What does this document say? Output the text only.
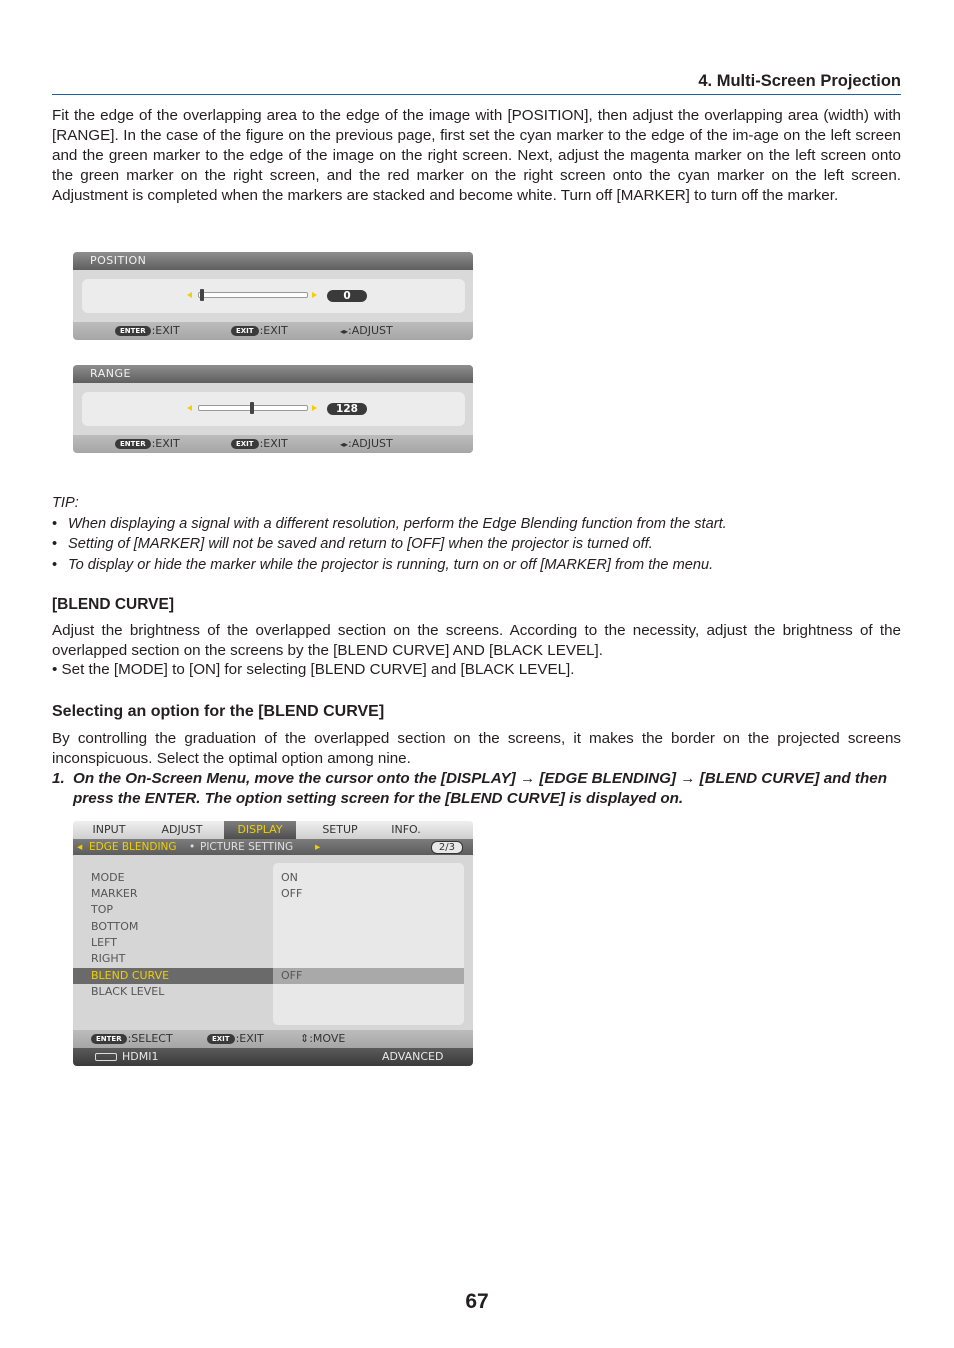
4. Multi-Screen Projection
Fit the edge of the overlapping area to the edge of the image with [POSITION], then adjust the overlapping area (width) with [RANGE]. In the case of the figure on the previous page, first set the cyan marker to the edge of the im-age on the left screen and the green marker to the edge of the image on the right screen. Next, adjust the magenta marker on the left screen onto the green marker on the right screen, and the red marker on the right screen onto the cyan marker on the left screen. Adjustment is completed when the markers are stacked and become white. Turn off [MARKER] to turn off the marker.
POSITION
0
ENTER :EXIT	EXIT :EXIT	◂▸:ADJUST
RANGE
128
ENTER :EXIT	EXIT :EXIT	◂▸:ADJUST
TIP:
• When displaying a signal with a different resolution, perform the Edge Blending function from the start.
• Setting of [MARKER] will not be saved and return to [OFF] when the projector is turned off.
• To display or hide the marker while the projector is running, turn on or off [MARKER] from the menu.
[BLEND CURVE]
Adjust the brightness of the overlapped section on the screens. According to the necessity, adjust the brightness of the overlapped section on the screens by the [BLEND CURVE] AND [BLACK LEVEL].
• Set the [MODE] to [ON] for selecting [BLEND CURVE] and [BLACK LEVEL].
Selecting an option for the [BLEND CURVE]
By controlling the graduation of the overlapped section on the screens, it makes the border on the projected screens inconspicuous. Select the optimal option among nine.
1. On the On-Screen Menu, move the cursor onto the [DISPLAY] → [EDGE BLENDING] → [BLEND CURVE] and then press the ENTER. The option setting screen for the [BLEND CURVE] is displayed on.
INPUT	ADJUST	DISPLAY	SETUP	INFO.
◂ EDGE BLENDING • PICTURE SETTING ▸	2/3
MODE	ON
MARKER	OFF
TOP
BOTTOM
LEFT
RIGHT
BLEND CURVE	OFF
BLACK LEVEL
ENTER :SELECT	EXIT :EXIT	⇕:MOVE
HDMI1	ADVANCED
67
